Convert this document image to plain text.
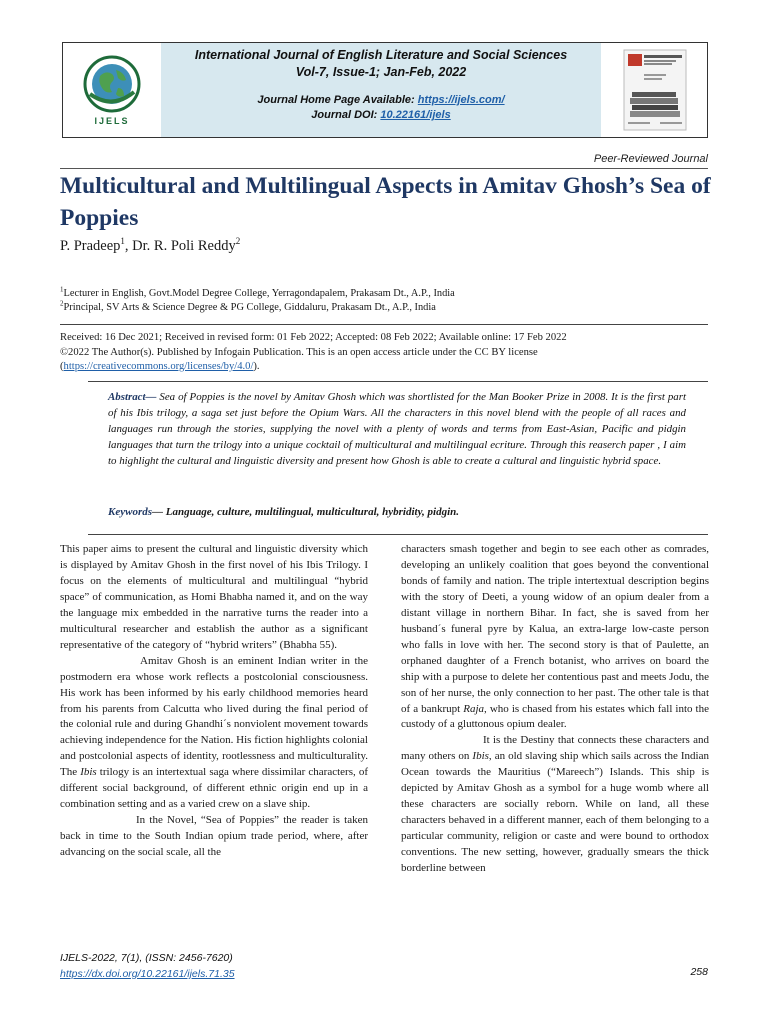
IJELS
International Journal of English Literature and Social Sciences
Vol-7, Issue-1; Jan-Feb, 2022
Journal Home Page Available: https://ijels.com/
Journal DOI: 10.22161/ijels
Peer-Reviewed Journal
Multicultural and Multilingual Aspects in Amitav Ghosh’s Sea of Poppies
P. Pradeep$^1$, Dr. R. Poli Reddy$^2$
$^1$Lecturer in English, Govt.Model Degree College, Yerragondapalem, Prakasam Dt., A.P., India
$^2$Principal, SV Arts & Science Degree & PG College, Giddaluru, Prakasam Dt., A.P., India
Received: 16 Dec 2021; Received in revised form: 01 Feb 2022; Accepted: 08 Feb 2022; Available online: 17 Feb 2022
©2022 The Author(s). Published by Infogain Publication. This is an open access article under the CC BY license
(https://creativecommons.org/licenses/by/4.0/).
Abstract— Sea of Poppies is the novel by Amitav Ghosh which was shortlisted for the Man Booker Prize in 2008. It is the first part of his Ibis trilogy, a saga set just before the Opium Wars. All the characters in this novel blend with the people of all races and languages run through the stories, supplying the novel with a plenty of words and terms from East-Asian, Pacific and pidgin languages that turn the trilogy into a unique cocktail of multicultural and multilingual ecriture. Through this reaserch paper , I aim to highlight the cultural and linguistic diversity and present how Ghosh is able to create a cultural and linguistic hybrid space.
Keywords— Language, culture, multilingual, multicultural, hybridity, pidgin.

This paper aims to present the cultural and linguistic diversity which is displayed by Amitav Ghosh in the first novel of his Ibis Trilogy. I focus on the elements of multicultural and multilingual “hybrid space” of communication, as Homi Bhabha named it, and on the way the language mix embedded in the narrative turns the reader into a multicultural researcher and establish the author as a significant representative of the category of “hybrid writers” (Bhabha 55).

Amitav Ghosh is an eminent Indian writer in the postmodern era whose work reflects a postcolonial consciousness. His work has been informed by his early childhood memories heard from his parents from Calcutta who lived during the final period of the colonial rule and during Ghandhi´s nonviolent movement towards achieving independence for the Nation. His fiction highlights colonial and postcolonial aspects of identity, rootlessness and multiculturality. The Ibis trilogy is an intertextual saga where dissimilar characters, of different social background, of different ethnic origin end up in a combination setting and as a varied crew on a slave ship.

In the Novel, “Sea of Poppies” the reader is taken back in time to the South Indian opium trade period, where, after advancing on the social scale, all the

characters smash together and begin to see each other as comrades, developing an unlikely coalition that goes beyond the conventional bonds of family and nation. The triple intertextual description begins with the story of Deeti, a young widow of an opium dealer from a distant village in northern Bihar. In fact, she is saved from her husband´s funeral pyre by Kalua, an extra-large low-caste person who falls in love with her. The second story is that of Paulette, an orphaned daughter of a French botanist, who arrives on board the ship with a purpose to delete her contentious past and meets Jodu, the son of her nurse, the only connection to her past. The other tale is that of a bankrupt Raja, who is chased from his estates which fall into the custody of a gluttonous opium dealer.

It is the Destiny that connects these characters and many others on Ibis, an old slaving ship which sails across the Indian Ocean towards the Mauritius (“Mareech”) Islands. This ship is depicted by Amitav Ghosh as a symbol for a huge womb where all these characters are socially reborn. While on land, all these characters behaved in a different manner, each of them belonging to a particular community, religion or caste and were bound to orthodox conventions. The new setting, however, gradually smears the thick borderline between

IJELS-2022, 7(1), (ISSN: 2456-7620)
https://dx.doi.org/10.22161/ijels.71.35	258
